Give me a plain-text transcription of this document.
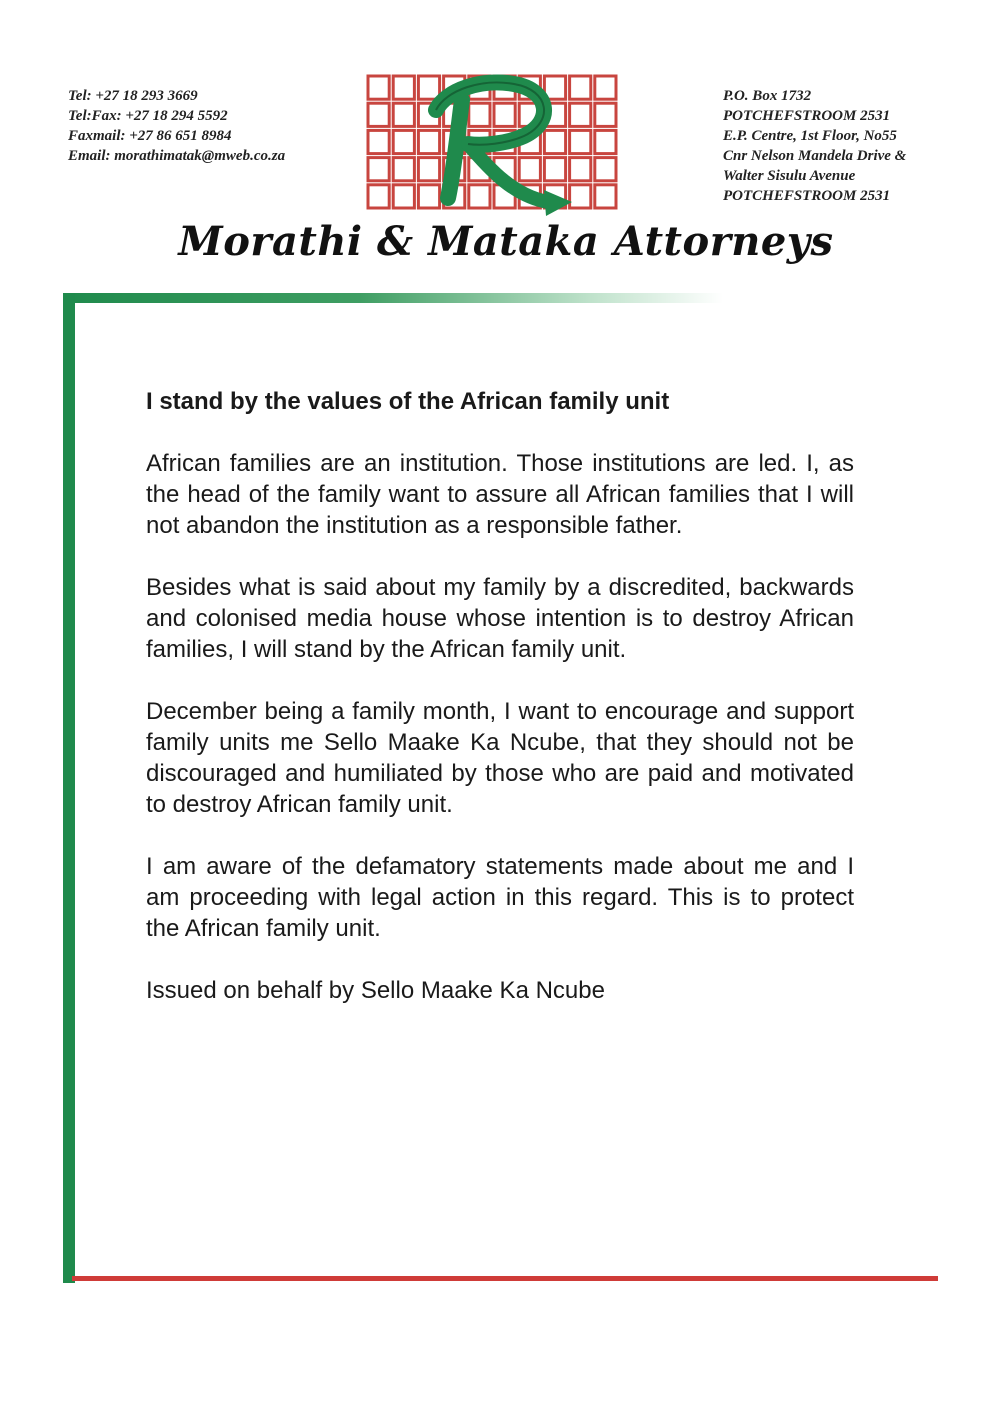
Tel: +27 18 293 3669
Tel:Fax: +27 18 294 5592
Faxmail: +27 86 651 8984
Email: morathimatak@mweb.co.za
R
P.O. Box 1732
POTCHEFSTROOM 2531
E.P. Centre, 1st Floor, No55
Cnr Nelson Mandela Drive &
Walter Sisulu Avenue
POTCHEFSTROOM 2531
Morathi & Mataka Attorneys

I stand by the values of the African family unit

African families are an institution. Those institutions are led. I, as the head of the family want to assure all African families that I will not abandon the institution as a responsible father.

Besides what is said about my family by a discredited, backwards and colonised media house whose intention is to destroy African families, I will stand by the African family unit.

December being a family month, I want to encourage and support family units me Sello Maake Ka Ncube, that they should not be discouraged and humiliated by those who are paid and motivated to destroy African family unit.

I am aware of the defamatory statements made about me and I am proceeding with legal action in this regard. This is to protect the African family unit.

Issued on behalf by Sello Maake Ka Ncube
